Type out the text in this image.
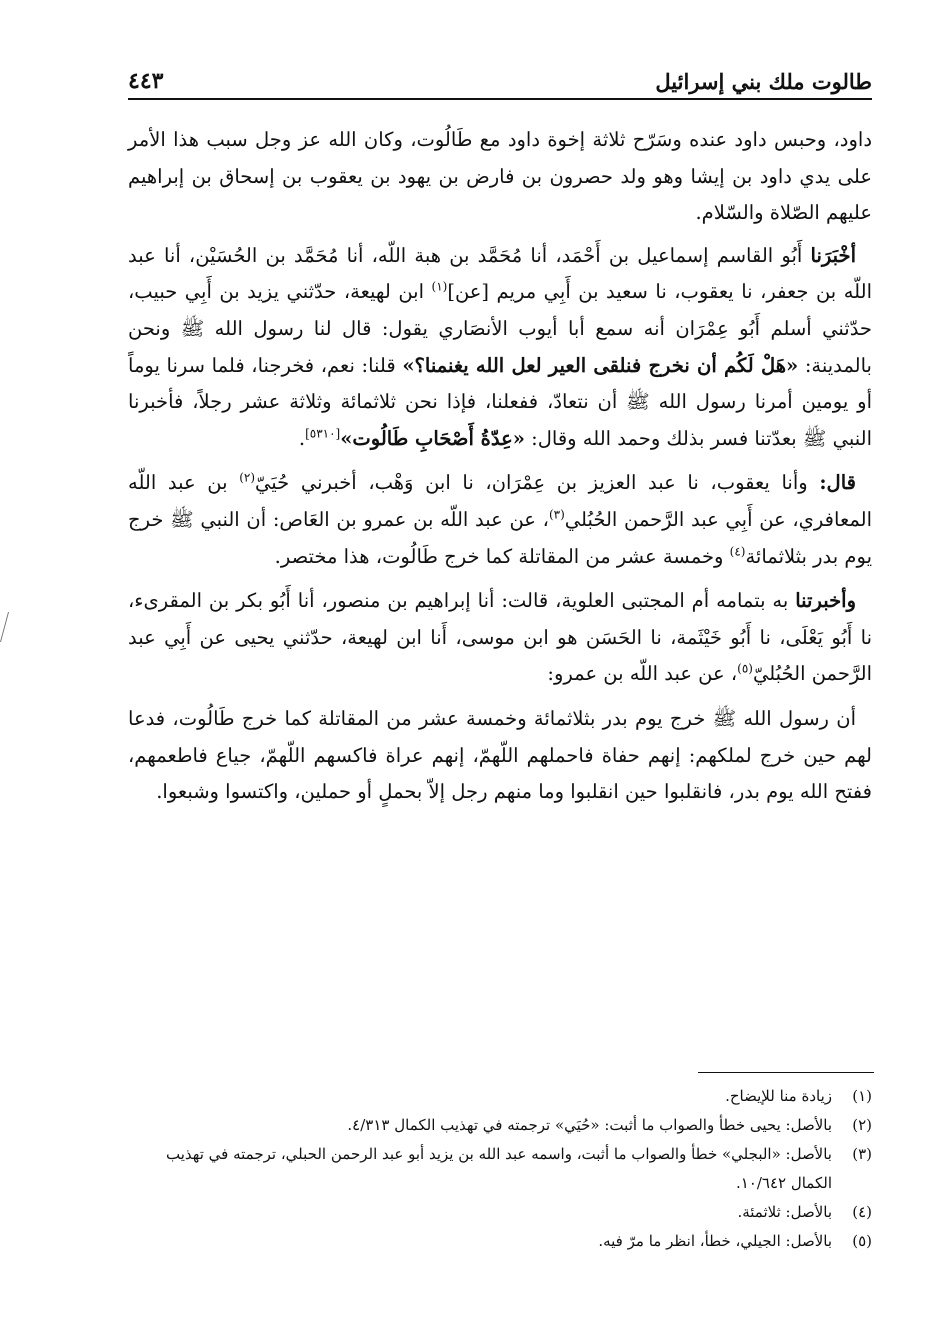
طالوت ملك بني إسرائيل
٤٤٣

داود، وحبس داود عنده وسَرّح ثلاثة إخوة داود مع طَالُوت، وكان الله عز وجل سبب هذا الأمر على يدي داود بن إيشا وهو ولد حصرون بن فارض بن يهود بن يعقوب بن إسحاق بن إبراهيم عليهم الصّلاة والسّلام.

أخْبَرَنا أَبُو القاسم إسماعيل بن أَحْمَد، أنا مُحَمَّد بن هبة اللّه، أنا مُحَمَّد بن الحُسَيْن، أنا عبد اللّه بن جعفر، نا يعقوب، نا سعيد بن أَبِي مريم [عن]$^{(١)}$ ابن لهيعة، حدّثني يزيد بن أَبِي حبيب، حدّثني أسلم أَبُو عِمْرَان أنه سمع أبا أيوب الأنصَاري يقول: قال لنا رسول الله ﷺ ونحن بالمدينة: «هَلْ لَكُم أن نخرج فنلقى العير لعل الله يغنمنا؟» قلنا: نعم، فخرجنا، فلما سرنا يوماً أو يومين أمرنا رسول الله ﷺ أن نتعادّ، ففعلنا، فإذا نحن ثلاثمائة وثلاثة عشر رجلاً، فأخبرنا النبي ﷺ بعدّتنا فسر بذلك وحمد الله وقال: «عِدّةُ أَصْحَابِ طَالُوت»[٥٣١٠].

قال: وأنا يعقوب، نا عبد العزيز بن عِمْرَان، نا ابن وَهْب، أخبرني حُيَيّ$^{(٢)}$ بن عبد اللّه المعافري، عن أَبِي عبد الرَّحمن الحُبُلي$^{(٣)}$، عن عبد اللّه بن عمرو بن العَاص: أن النبي ﷺ خرج يوم بدر بثلاثمائة$^{(٤)}$ وخمسة عشر من المقاتلة كما خرج طَالُوت، هذا مختصر.

وأخبرتنا به بتمامه أم المجتبى العلوية، قالت: أنا إبراهيم بن منصور، أنا أَبُو بكر بن المقرىء، نا أَبُو يَعْلَى، نا أَبُو خَيْثَمة، نا الحَسَن هو ابن موسى، أَنا ابن لهيعة، حدّثني يحيى عن أَبِي عبد الرَّحمن الحُبُليّ$^{(٥)}$، عن عبد اللّه بن عمرو:

أن رسول الله ﷺ خرج يوم بدر بثلاثمائة وخمسة عشر من المقاتلة كما خرج طَالُوت، فدعا لهم حين خرج لملكهم: إنهم حفاة فاحملهم اللّهمّ، إنهم عراة فاكسهم اللّهمّ، جياع فاطعمهم، ففتح الله يوم بدر، فانقلبوا حين انقلبوا وما منهم رجل إلاّ بحملٍ أو حملين، واكتسوا وشبعوا.

(١)
زيادة منا للإيضاح.
(٢)
بالأصل: يحيى خطأ والصواب ما أثبت: «حُيَي» ترجمته في تهذيب الكمال ٤/٣١٣.
(٣)
بالأصل: «البجلي» خطأ والصواب ما أثبت، واسمه عبد الله بن يزيد أبو عبد الرحمن الحبلي، ترجمته في تهذيب الكمال ١٠/٦٤٢.
(٤)
بالأصل: ثلاثمئة.
(٥)
بالأصل: الجيلي، خطأ، انظر ما مرّ فيه.
